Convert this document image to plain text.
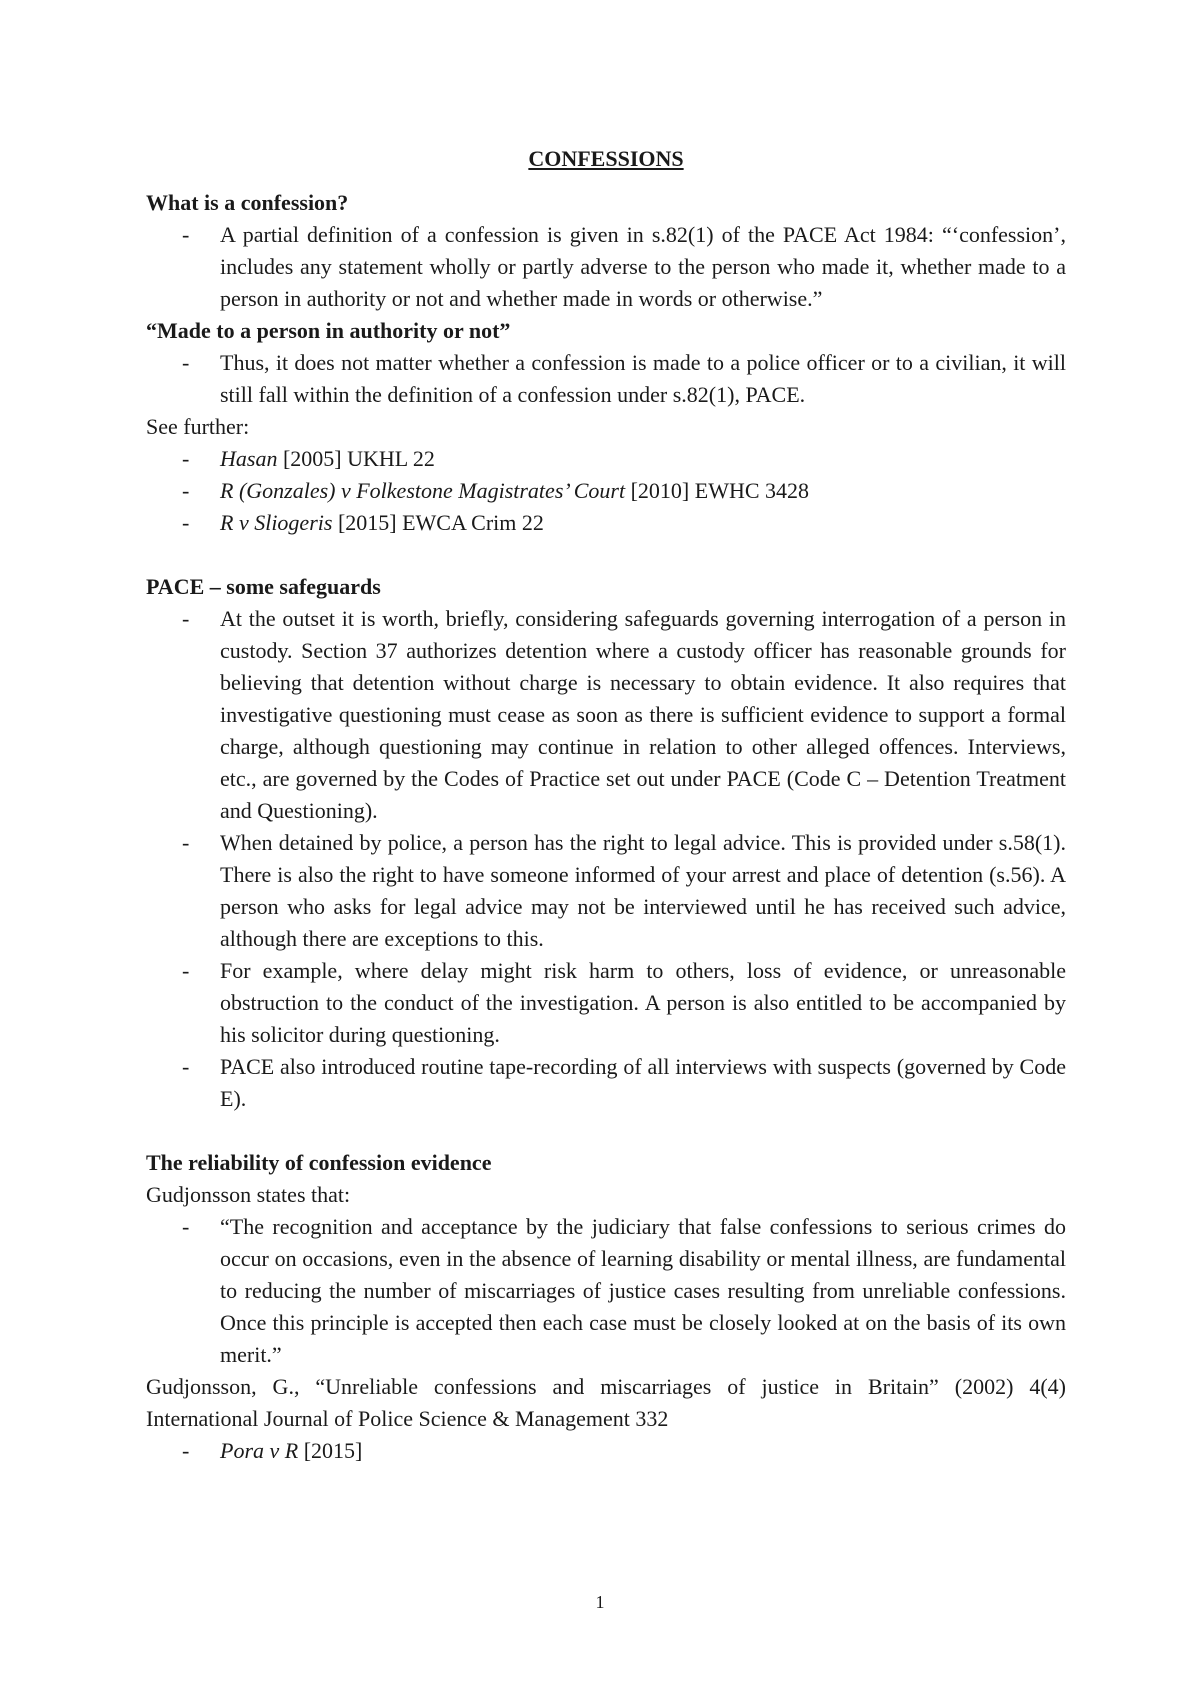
CONFESSIONS

What is a confession?
- A partial definition of a confession is given in s.82(1) of the PACE Act 1984: “‘confession’, includes any statement wholly or partly adverse to the person who made it, whether made to a person in authority or not and whether made in words or otherwise.”
“Made to a person in authority or not”
- Thus, it does not matter whether a confession is made to a police officer or to a civilian, it will still fall within the definition of a confession under s.82(1), PACE.

See further:

- Hasan [2005] UKHL 22
- R (Gonzales) v Folkestone Magistrates’ Court [2010] EWHC 3428
- R v Sliogeris [2015] EWCA Crim 22
PACE – some safeguards
- At the outset it is worth, briefly, considering safeguards governing interrogation of a person in custody. Section 37 authorizes detention where a custody officer has reasonable grounds for believing that detention without charge is necessary to obtain evidence. It also requires that investigative questioning must cease as soon as there is sufficient evidence to support a formal charge, although questioning may continue in relation to other alleged offences. Interviews, etc., are governed by the Codes of Practice set out under PACE (Code C – Detention Treatment and Questioning).
- When detained by police, a person has the right to legal advice. This is provided under s.58(1). There is also the right to have someone informed of your arrest and place of detention (s.56). A person who asks for legal advice may not be interviewed until he has received such advice, although there are exceptions to this.
- For example, where delay might risk harm to others, loss of evidence, or unreasonable obstruction to the conduct of the investigation. A person is also entitled to be accompanied by his solicitor during questioning.
- PACE also introduced routine tape-recording of all interviews with suspects (governed by Code E).
The reliability of confession evidence

Gudjonsson states that:

- “The recognition and acceptance by the judiciary that false confessions to serious crimes do occur on occasions, even in the absence of learning disability or mental illness, are fundamental to reducing the number of miscarriages of justice cases resulting from unreliable confessions. Once this principle is accepted then each case must be closely looked at on the basis of its own merit.”

Gudjonsson, G., “Unreliable confessions and miscarriages of justice in Britain” (2002) 4(4) International Journal of Police Science & Management 332

- Pora v R [2015]
1
